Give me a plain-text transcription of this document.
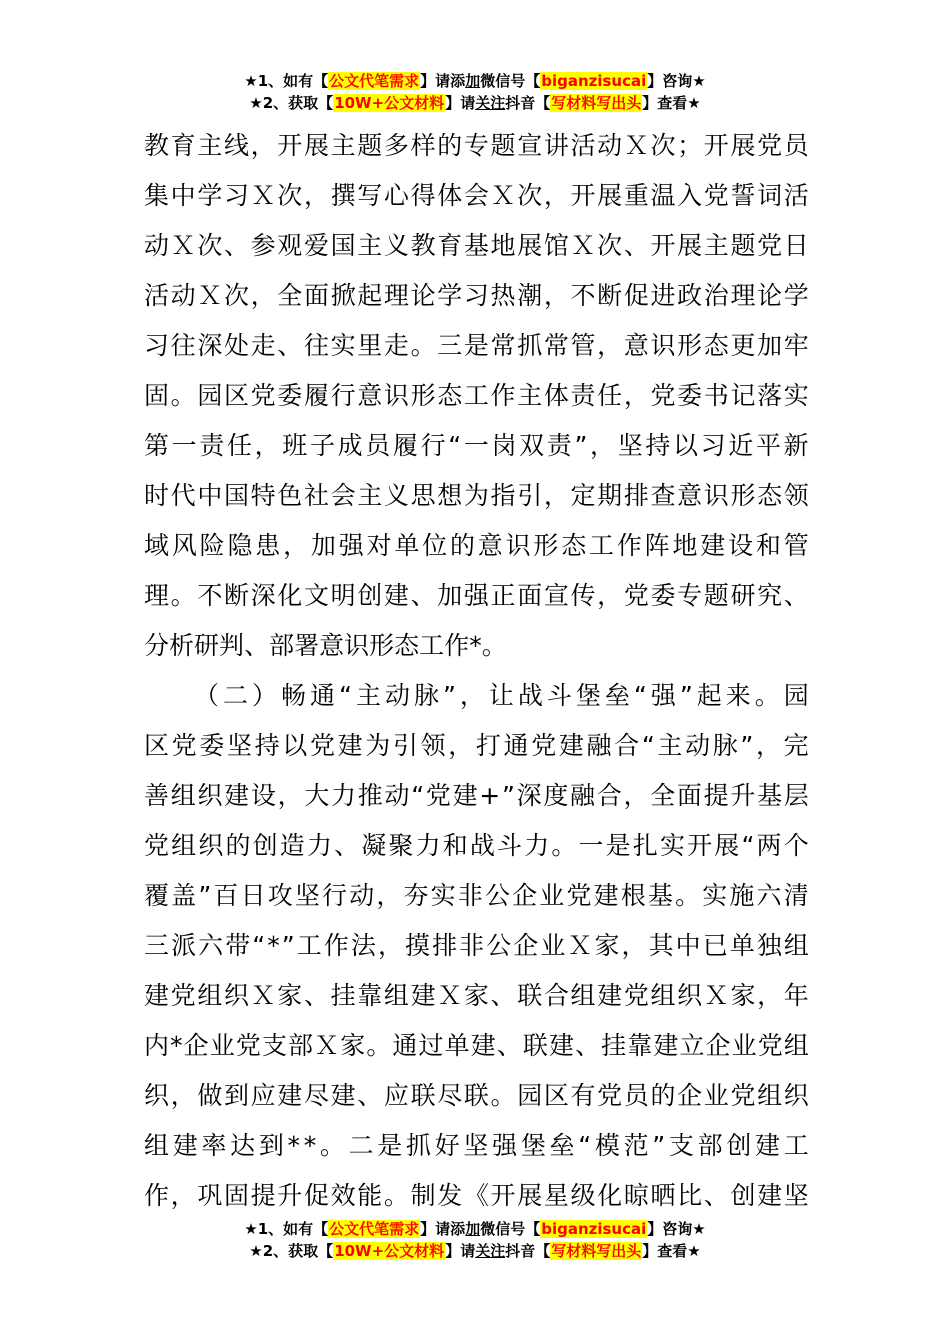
★1、如有【公文代笔需求】请添加微信号【biganzisucai】咨询★
★2、获取【10W+公文材料】请关注抖音【写材料写出头】查看★
教 育 主 线 ， 开 展 主 题 多 样 的 专 题 宣 讲 活 动 Ｘ 次 ； 开 展 党 员
集 中 学 习 Ｘ 次 ， 撰 写 心 得 体 会 Ｘ 次 ， 开 展 重 温 入 党 誓 词 活
动 Ｘ 次 、 参 观 爱 国 主 义 教 育 基 地 展 馆 Ｘ 次 、 开 展 主 题 党 日
活 动 Ｘ 次 ， 全 面 掀 起 理 论 学 习 热 潮 ， 不 断 促 进 政 治 理 论 学
习 往 深 处 走 、 往 实 里 走 。 三 是 常 抓 常 管 ， 意 识 形 态 更 加 牢
固 。 园 区 党 委 履 行 意 识 形 态 工 作 主 体 责 任 ， 党 委 书 记 落 实
第 一 责 任 ， 班 子 成 员 履 行 “ 一 岗 双 责 ” ， 坚 持 以 习 近 平 新
时 代 中 国 特 色 社 会 主 义 思 想 为 指 引 ， 定 期 排 查 意 识 形 态 领
域 风 险 隐 患 ， 加 强 对 单 位 的 意 识 形 态 工 作 阵 地 建 设 和 管
理 。 不 断 深 化 文 明 创 建 、 加 强 正 面 宣 传 ， 党 委 专 题 研 究 、
分 析 研 判 、 部 署 意 识 形 态 工 作 * 。
（ 二 ） 畅 通 “ 主 动 脉 ” ， 让 战 斗 堡 垒 “ 强 ” 起 来 。 园
区 党 委 坚 持 以 党 建 为 引 领 ， 打 通 党 建 融 合 “ 主 动 脉 ” ， 完
善 组 织 建 设 ， 大 力 推 动 “ 党 建 + ” 深 度 融 合 ， 全 面 提 升 基 层
党 组 织 的 创 造 力 、 凝 聚 力 和 战 斗 力 。 一 是 扎 实 开 展 “ 两 个
覆 盖 ” 百 日 攻 坚 行 动 ， 夯 实 非 公 企 业 党 建 根 基 。 实 施 六 清
三 派 六 带 “ * ” 工 作 法 ， 摸 排 非 公 企 业 Ｘ 家 ， 其 中 已 单 独 组
建 党 组 织 Ｘ 家 、 挂 靠 组 建 Ｘ 家 、 联 合 组 建 党 组 织 Ｘ 家 ， 年
内 * 企 业 党 支 部 Ｘ 家 。 通 过 单 建 、 联 建 、 挂 靠 建 立 企 业 党 组
织 ， 做 到 应 建 尽 建 、 应 联 尽 联 。 园 区 有 党 员 的 企 业 党 组 织
组 建 率 达 到 * * 。 二 是 抓 好 坚 强 堡 垒 “ 模 范 ” 支 部 创 建 工
作 ， 巩 固 提 升 促 效 能 。 制 发 《 开 展 星 级 化 晾 晒 比 、 创 建 坚
★1、如有【公文代笔需求】请添加微信号【biganzisucai】咨询★
★2、获取【10W+公文材料】请关注抖音【写材料写出头】查看★
